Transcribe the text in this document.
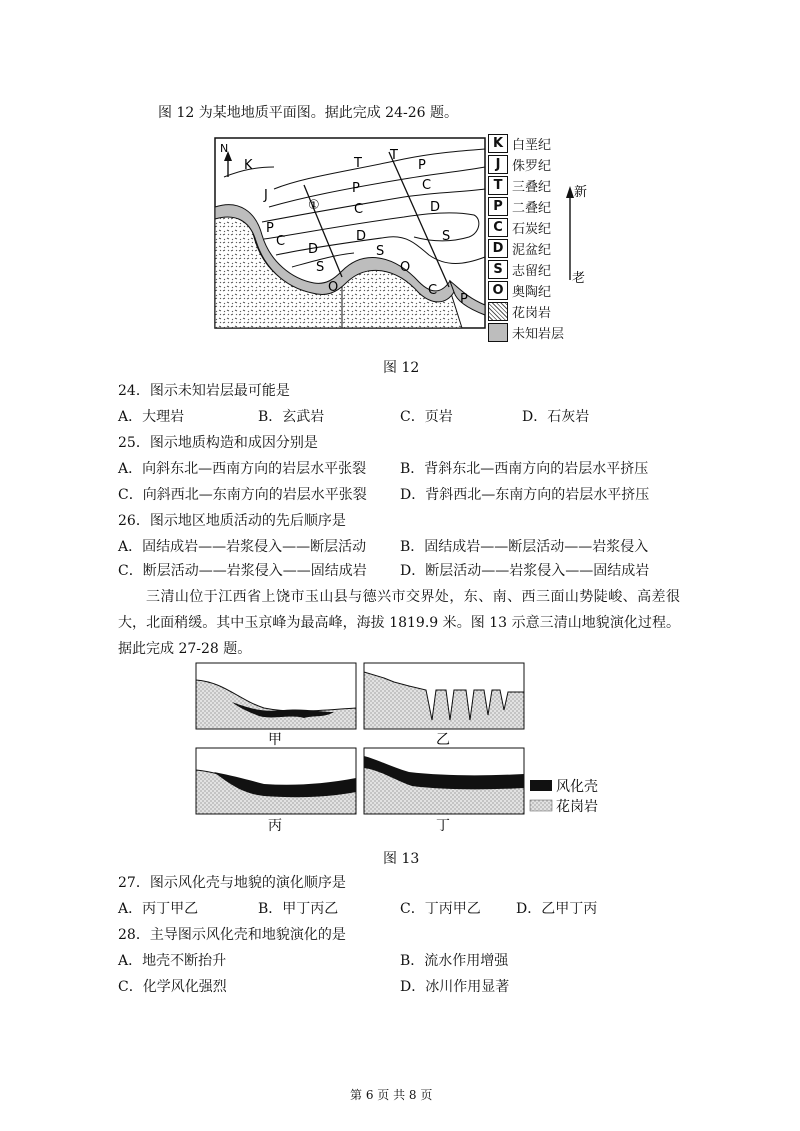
图 12 为某地地质平面图。据此完成 24-26 题。
N
K
J
T
T
P
P
P
C
C
C
D
D
D
S
S
S	O
O	C
P
①
K 白垩纪
J 侏罗纪
T 三叠纪
P 二叠纪
C 石炭纪
D 泥盆纪
S 志留纪
O 奥陶纪
花岗岩
未知岩层
新
老
图 12
24．图示未知岩层最可能是
A．大理岩	B．玄武岩	C．页岩	D．石灰岩
25．图示地质构造和成因分别是
A．向斜东北—西南方向的岩层水平张裂 B．背斜东北—西南方向的岩层水平挤压
C．向斜西北—东南方向的岩层水平张裂 D．背斜西北—东南方向的岩层水平挤压
26．图示地区地质活动的先后顺序是
A．固结成岩——岩浆侵入——断层活动 B．固结成岩——断层活动——岩浆侵入
C．断层活动——岩浆侵入——固结成岩 D．断层活动——岩浆侵入——固结成岩
三清山位于江西省上饶市玉山县与德兴市交界处，东、南、西三面山势陡峻、高差很大，北面稍缓。其中玉京峰为最高峰，海拔 1819.9 米。图 13 示意三清山地貌演化过程。据此完成 27-28 题。
甲	乙
丙	丁
风化壳
花岗岩
图 13
27．图示风化壳与地貌的演化顺序是
A．丙丁甲乙	B．甲丁丙乙	C．丁丙甲乙	D．乙甲丁丙
28．主导图示风化壳和地貌演化的是
A．地壳不断抬升	B．流水作用增强
C．化学风化强烈	D．冰川作用显著
第 6 页 共 8 页
